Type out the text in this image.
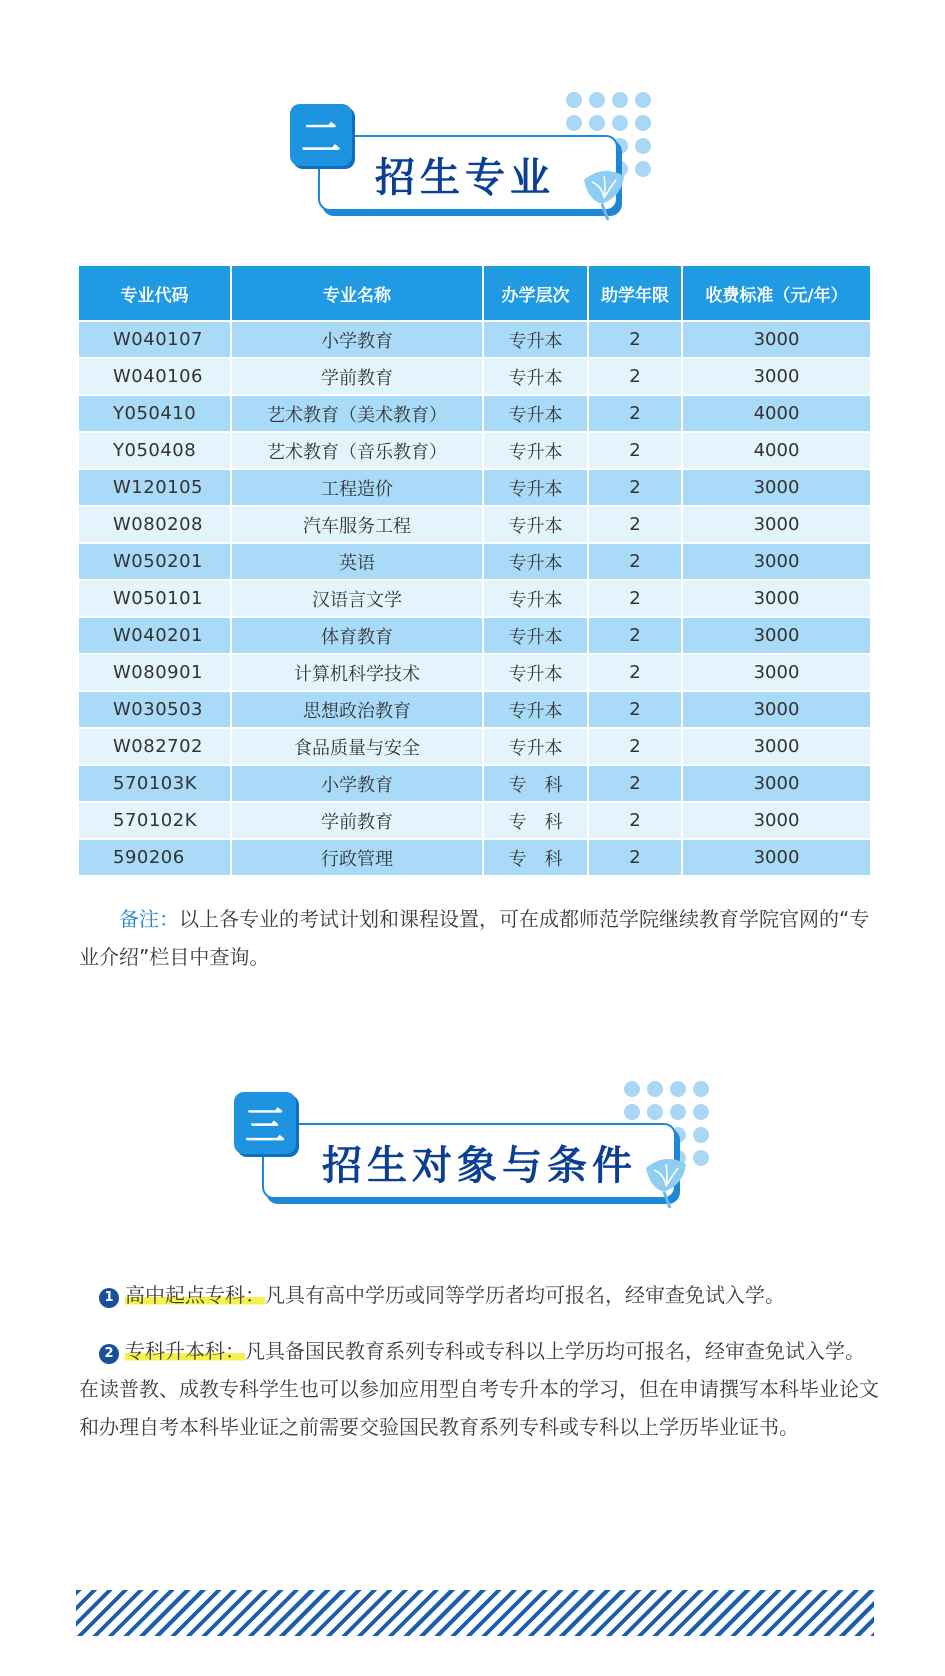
招生专业
二
专业代码	专业名称	办学层次	助学年限	收费标准（元/年）
W040107	小学教育	专升本	2	3000
W040106	学前教育	专升本	2	3000
Y050410	艺术教育（美术教育）	专升本	2	4000
Y050408	艺术教育（音乐教育）	专升本	2	4000
W120105	工程造价	专升本	2	3000
W080208	汽车服务工程	专升本	2	3000
W050201	英语	专升本	2	3000
W050101	汉语言文学	专升本	2	3000
W040201	体育教育	专升本	2	3000
W080901	计算机科学技术	专升本	2	3000
W030503	思想政治教育	专升本	2	3000
W082702	食品质量与安全	专升本	2	3000
570103K	小学教育	专　科	2	3000
570102K	学前教育	专　科	2	3000
590206	行政管理	专　科	2	3000
备注：以上各专业的考试计划和课程设置，可在成都师范学院继续教育学院官网的“专业介绍”栏目中查询。
招生对象与条件
三
1 高中起点专科：凡具有高中学历或同等学历者均可报名，经审查免试入学。
2 专科升本科：凡具备国民教育系列专科或专科以上学历均可报名，经审查免试入学。在读普教、成教专科学生也可以参加应用型自考专升本的学习，但在申请撰写本科毕业论文和办理自考本科毕业证之前需要交验国民教育系列专科或专科以上学历毕业证书。
